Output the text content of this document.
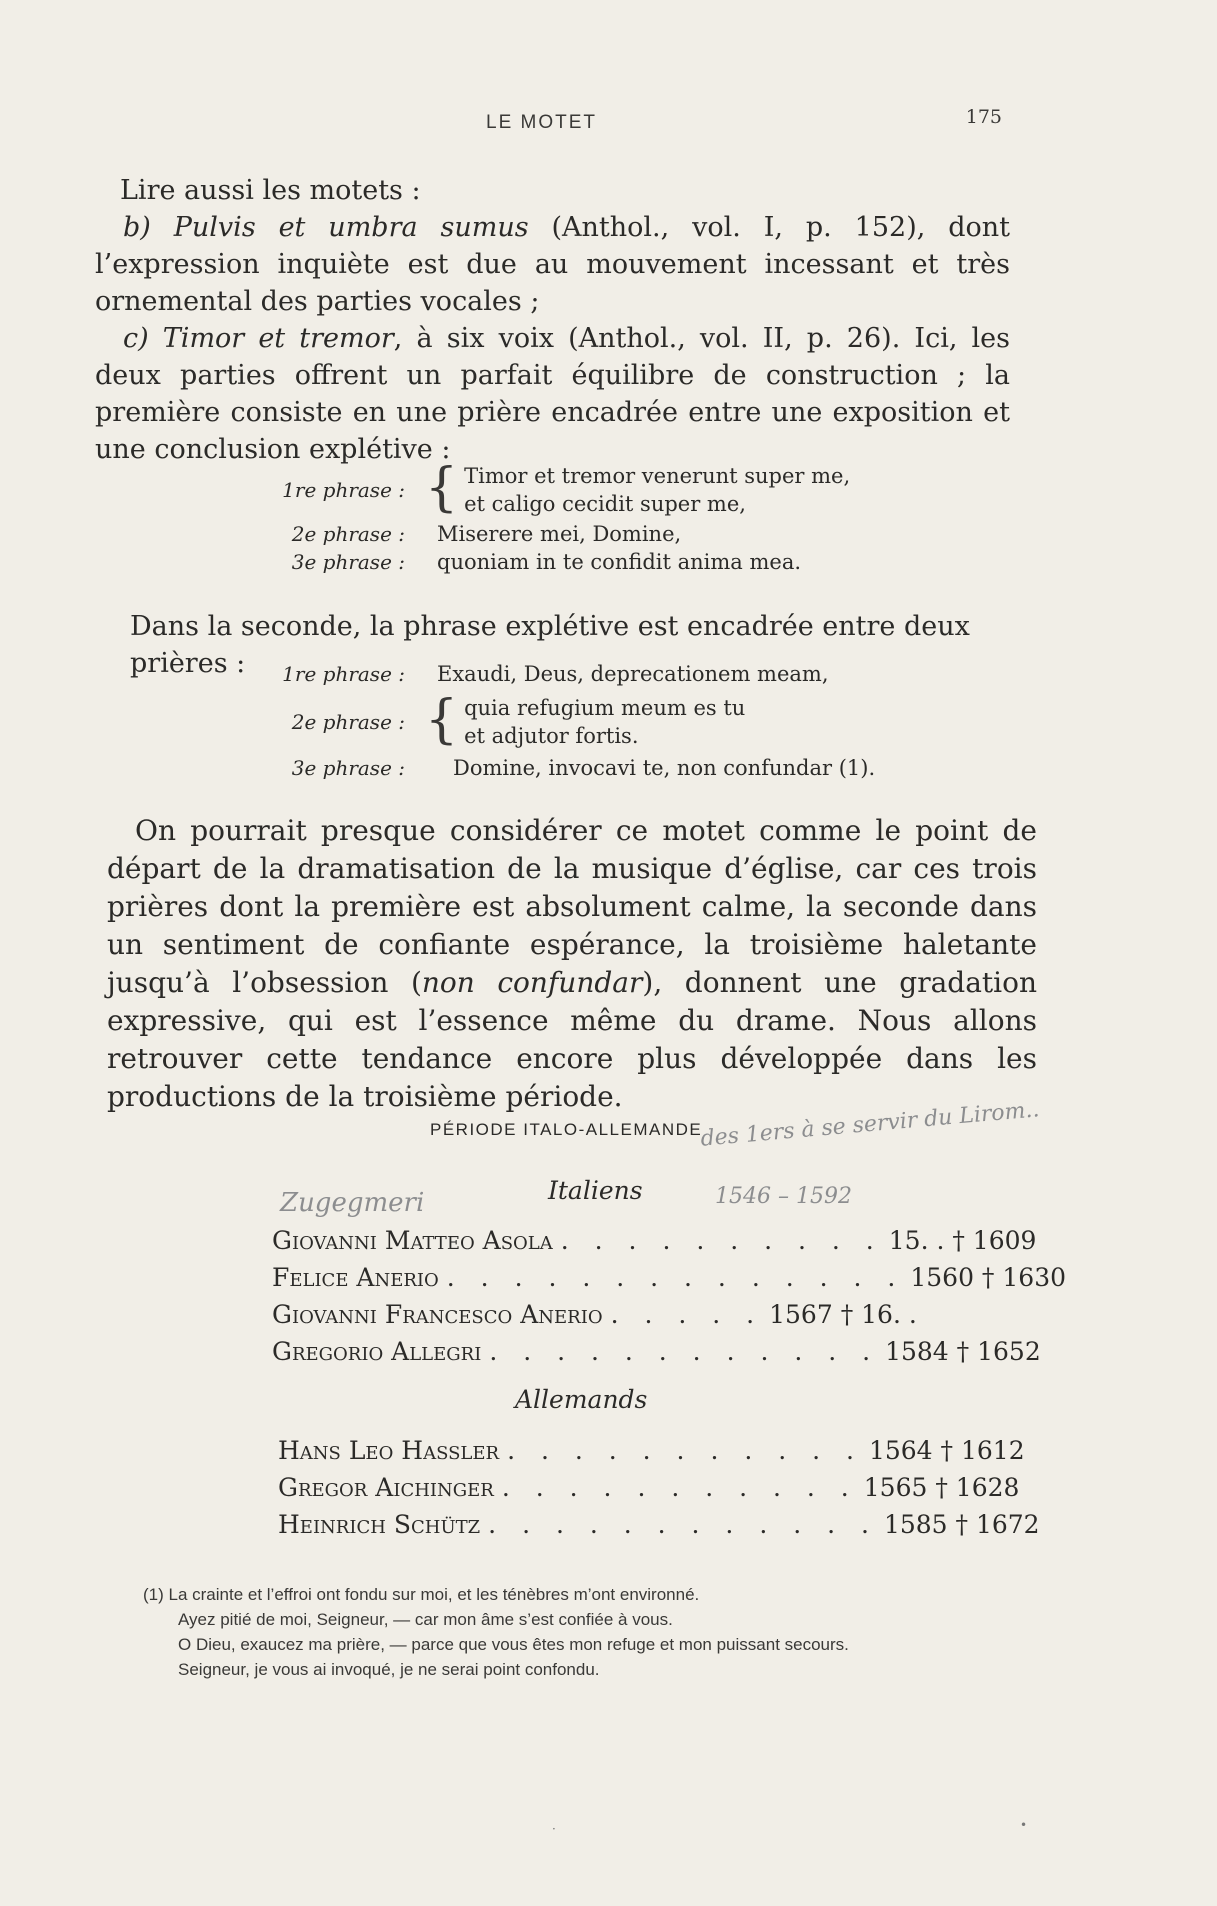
LE MOTET	175

Lire aussi les motets :

b) Pulvis et umbra sumus (Anthol., vol. I, p. 152), dont l’expression inquiète est due au mouvement incessant et très ornemental des parties vocales ;

c) Timor et tremor, à six voix (Anthol., vol. II, p. 26). Ici, les deux parties offrent un parfait équilibre de construction ; la première consiste en une prière encadrée entre une exposition et une conclusion explétive :

1re phrase : { Timor et tremor venerunt super me,
et caligo cecidit super me,
2e phrase :	Miserere mei, Domine,
3e phrase :	quoniam in te confidit anima mea.

Dans la seconde, la phrase explétive est encadrée entre deux prières :	1re phrase :	Exaudi, Deus, deprecationem meam,
2e phrase : { quia refugium meum es tu
et adjutor fortis.
3e phrase :	Domine, invocavi te, non confundar (1).

On pourrait presque considérer ce motet comme le point de départ de la dramatisation de la musique d’église, car ces trois prières dont la première est absolument calme, la seconde dans un sentiment de confiante espérance, la troisième haletante jusqu’à l’obsession (non confundar), donnent une gradation expressive, qui est l’essence même du drame. Nous allons retrouver cette tendance encore plus développée dans les productions de la troisième période.

PÉRIODE ITALO-ALLEMANDE
des 1ers à se servir du Lirom..
Zugegmeri	1546 – 1592
Italiens
Giovanni Matteo Asola . . . . . . . . . . 15. . † 1609
Felice Anerio . . . . . . . . . . . . . . 1560 † 1630
Giovanni Francesco Anerio . . . . . 1567 † 16. .
Gregorio Allegri . . . . . . . . . . . . 1584 † 1652
Allemands
Hans Leo Hassler . . . . . . . . . . . 1564 † 1612
Gregor Aichinger . . . . . . . . . . . 1565 † 1628
Heinrich Schütz . . . . . . . . . . . . 1585 † 1672
(1) La crainte et l’effroi ont fondu sur moi, et les ténèbres m’ont environné.
Ayez pitié de moi, Seigneur, — car mon âme s’est confiée à vous.
O Dieu, exaucez ma prière, — parce que vous êtes mon refuge et mon puissant secours.
Seigneur, je vous ai invoqué, je ne serai point confondu.
·	•
